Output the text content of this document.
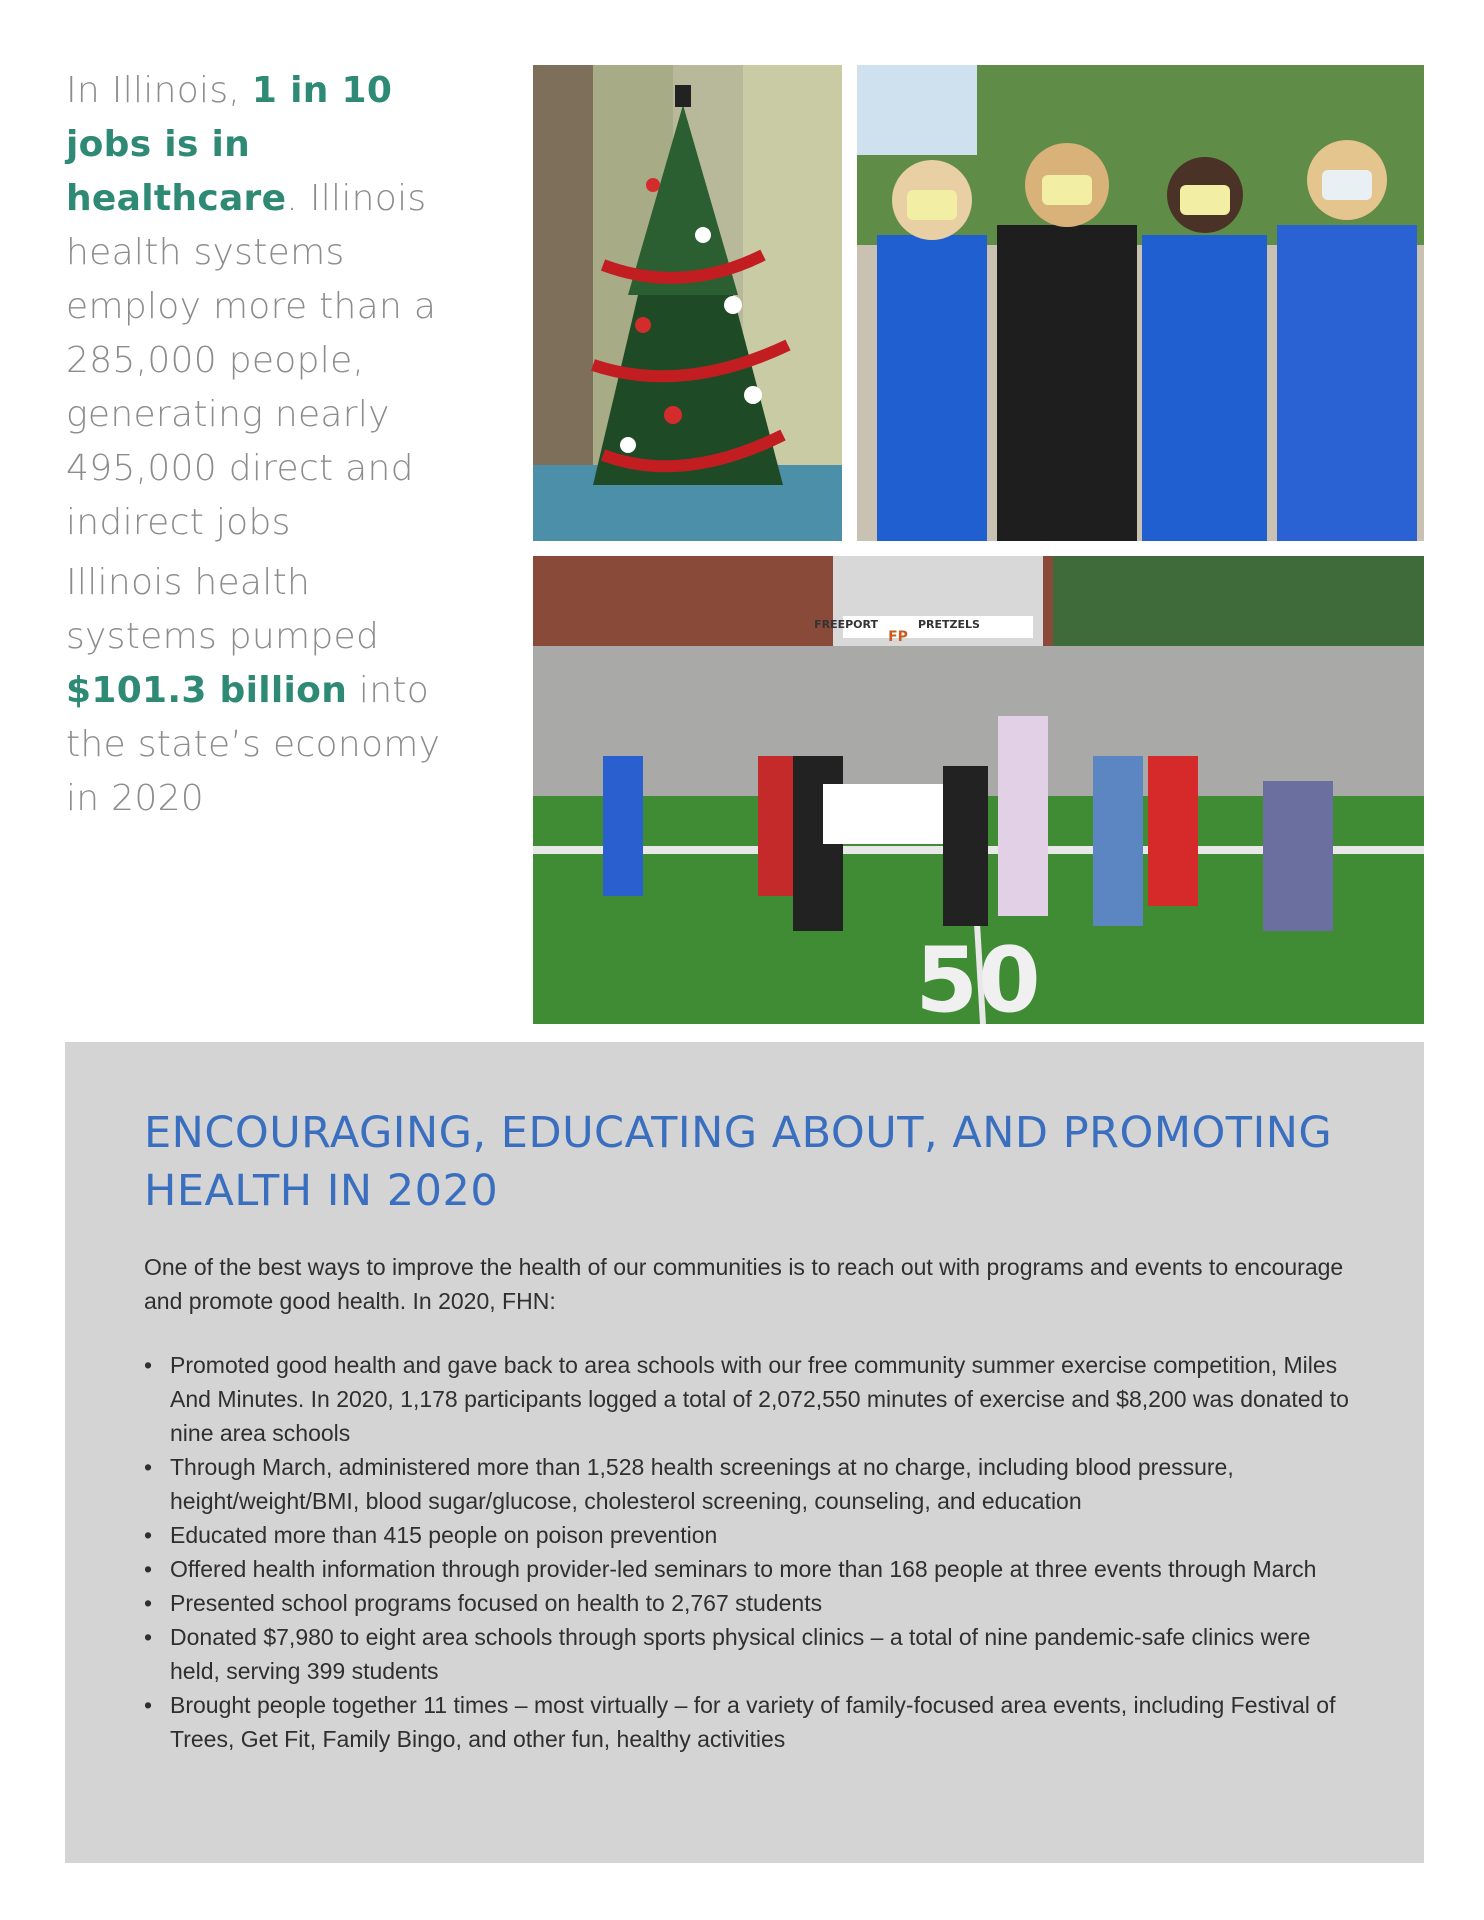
In Illinois, 1 in 10 jobs is in healthcare. Illinois health systems employ more than a 285,000 people, generating nearly 495,000 direct and indirect jobs
Illinois health systems pumped $101.3 billion into the state’s economy in 2020
FP
FREEPORT	PRETZELS
50
ENCOURAGING, EDUCATING ABOUT, AND PROMOTING HEALTH IN 2020

One of the best ways to improve the health of our communities is to reach out with programs and events to encourage and promote good health. In 2020, FHN:

• Promoted good health and gave back to area schools with our free community summer exercise competition, Miles And Minutes. In 2020, 1,178 participants logged a total of 2,072,550 minutes of exercise and $8,200 was donated to nine area schools
• Through March, administered more than 1,528 health screenings at no charge, including blood pressure, height/weight/BMI, blood sugar/glucose, cholesterol screening, counseling, and education
• Educated more than 415 people on poison prevention
• Offered health information through provider-led seminars to more than 168 people at three events through March
• Presented school programs focused on health to 2,767 students
• Donated $7,980 to eight area schools through sports physical clinics – a total of nine pandemic-safe clinics were held, serving 399 students
• Brought people together 11 times – most virtually – for a variety of family-focused area events, including Festival of Trees, Get Fit, Family Bingo, and other fun, healthy activities
